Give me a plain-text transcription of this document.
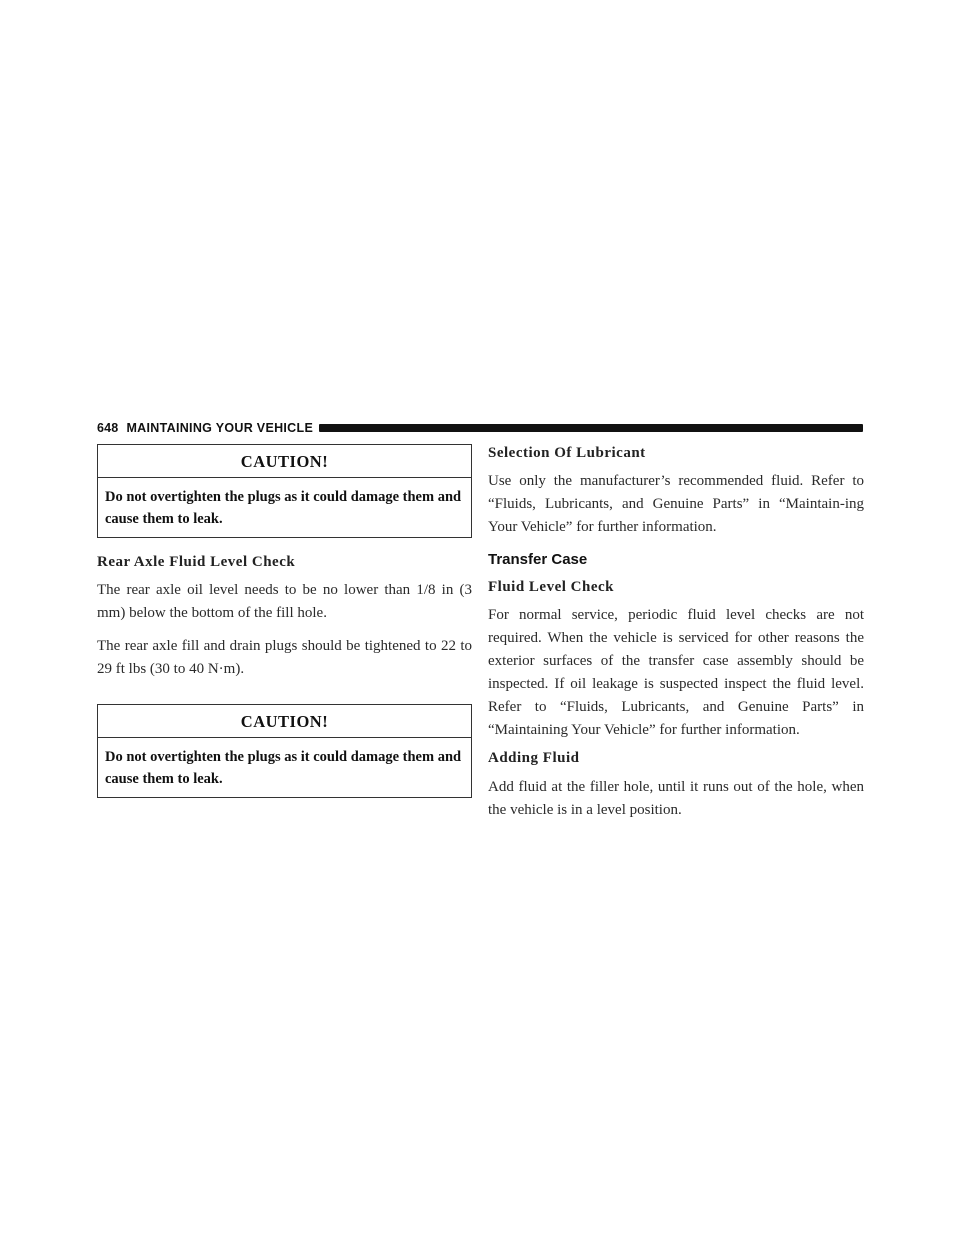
648 MAINTAINING YOUR VEHICLE
CAUTION!
Do not overtighten the plugs as it could damage them and cause them to leak.

Rear Axle Fluid Level Check

The rear axle oil level needs to be no lower than 1/8 in (3 mm) below the bottom of the fill hole.

The rear axle fill and drain plugs should be tightened to 22 to 29 ft lbs (30 to 40 N·m).

CAUTION!
Do not overtighten the plugs as it could damage them and cause them to leak.

Selection Of Lubricant

Use only the manufacturer’s recommended fluid. Refer to “Fluids, Lubricants, and Genuine Parts” in “Maintain-ing Your Vehicle” for further information.

Transfer Case

Fluid Level Check

For normal service, periodic fluid level checks are not required. When the vehicle is serviced for other reasons the exterior surfaces of the transfer case assembly should be inspected. If oil leakage is suspected inspect the fluid level. Refer to “Fluids, Lubricants, and Genuine Parts” in “Maintaining Your Vehicle” for further information.

Adding Fluid

Add fluid at the filler hole, until it runs out of the hole, when the vehicle is in a level position.
